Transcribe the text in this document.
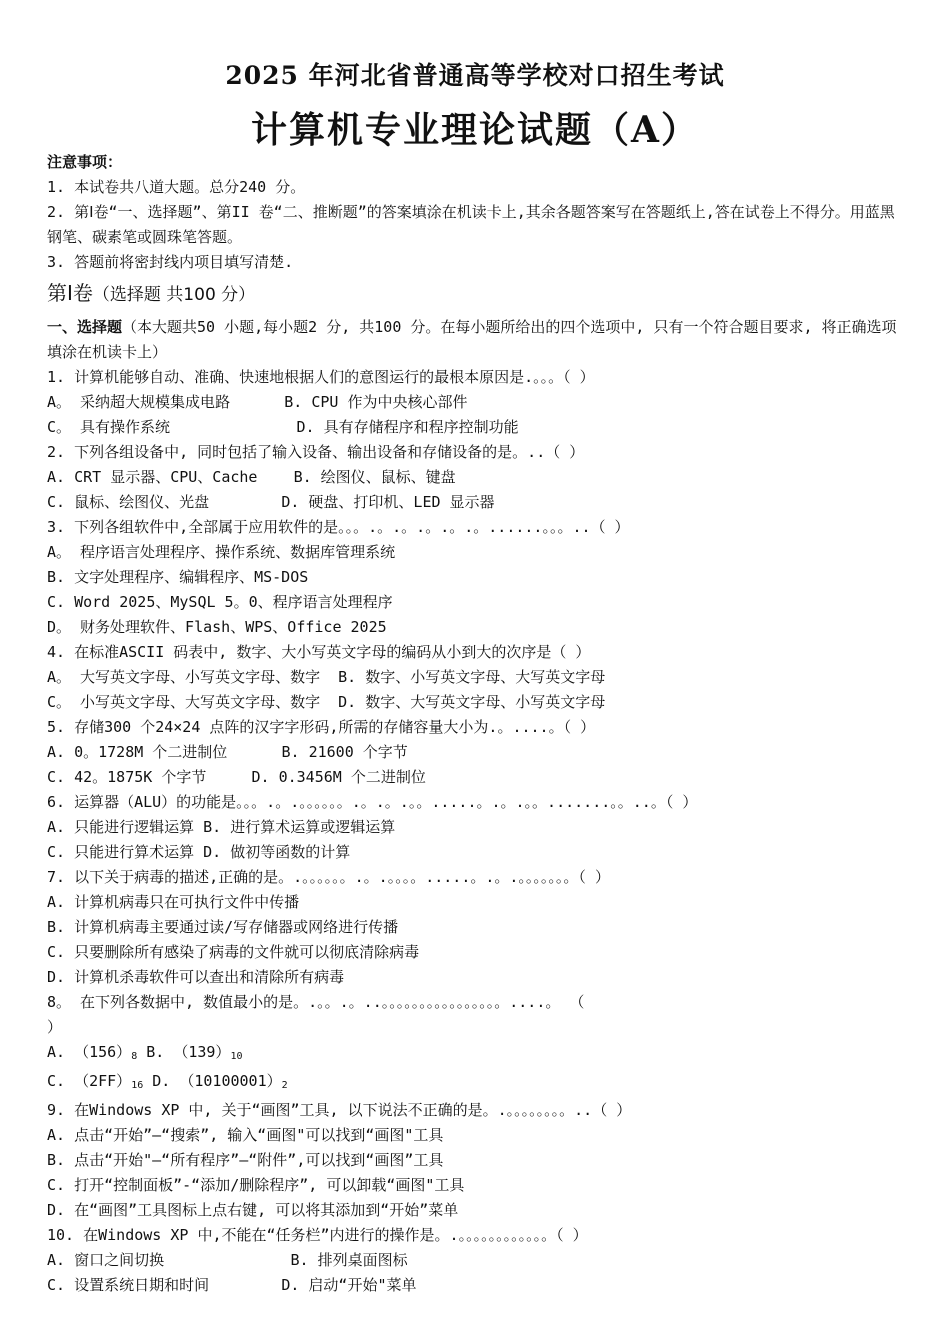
2025 年河北省普通高等学校对口招生考试
计算机专业理论试题（A）
注意事项：
1. 本试卷共八道大题。总分240 分。
2. 第Ⅰ卷“一、选择题”、第II 卷“二、推断题”的答案填涂在机读卡上,其余各题答案写在答题纸上,答在试卷上不得分。用蓝黑钢笔、碳素笔或圆珠笔答题。
3. 答题前将密封线内项目填写清楚.
第Ⅰ卷（选择题 共100 分）
一、选择题（本大题共50 小题,每小题2 分, 共100 分。在每小题所给出的四个选项中, 只有一个符合题目要求, 将正确选项填涂在机读卡上）
1. 计算机能够自动、准确、快速地根据人们的意图运行的最根本原因是.。。。（ ）
A。 采纳超大规模集成电路      B. CPU 作为中央核心部件
C。 具有操作系统              D. 具有存储程序和程序控制功能
2. 下列各组设备中, 同时包括了输入设备、输出设备和存储设备的是。..（ ）
A. CRT 显示器、CPU、Cache    B. 绘图仪、鼠标、键盘
C. 鼠标、绘图仪、光盘        D. 硬盘、打印机、LED 显示器
3. 下列各组软件中,全部属于应用软件的是。。。.。.。.。.。.。......。。。..（ ）
A。 程序语言处理程序、操作系统、数据库管理系统
B. 文字处理程序、编辑程序、MS-DOS
C. Word 2025、MySQL 5。0、程序语言处理程序
D。 财务处理软件、Flash、WPS、Office 2025
4. 在标准ASCII 码表中, 数字、大小写英文字母的编码从小到大的次序是（ ）
A。 大写英文字母、小写英文字母、数字  B. 数字、小写英文字母、大写英文字母
C。 小写英文字母、大写英文字母、数字  D. 数字、大写英文字母、小写英文字母
5. 存储300 个24×24 点阵的汉字字形码,所需的存储容量大小为.。....。（ ）
A. 0。1728M 个二进制位      B. 21600 个字节
C. 42。1875K 个字节     D. 0.3456M 个二进制位
6. 运算器（ALU）的功能是。。。.。.。。。。。。.。.。.。。.....。.。.。。.......。。..。（ ）
A. 只能进行逻辑运算 B. 进行算术运算或逻辑运算
C. 只能进行算术运算 D. 做初等函数的计算
7. 以下关于病毒的描述,正确的是。.。。。。。。.。.。。。。.....。.。.。。。。。。。（ ）
A. 计算机病毒只在可执行文件中传播
B. 计算机病毒主要通过读/写存储器或网络进行传播
C. 只要删除所有感染了病毒的文件就可以彻底清除病毒
D. 计算机杀毒软件可以查出和清除所有病毒
8。 在下列各数据中, 数值最小的是。.。。.。..。。。。。。。。。。。。。。。。....。 （
）
A. $(156)_8$ B. $(139)_{10}$
C. $(2FF)_{16}$ D. $(10100001)_2$
9. 在Windows XP 中, 关于“画图”工具, 以下说法不正确的是。.。。。。。。。。..（ ）
A. 点击“开始”—“搜索”, 输入“画图"可以找到“画图"工具
B. 点击“开始"—“所有程序”—“附件”,可以找到“画图”工具
C. 打开“控制面板”-“添加/删除程序”, 可以卸载“画图"工具
D. 在“画图”工具图标上点右键, 可以将其添加到“开始”菜单
10. 在Windows XP 中,不能在“任务栏”内进行的操作是。.。。。。。。。。。。。。（ ）
A. 窗口之间切换              B. 排列桌面图标
C. 设置系统日期和时间        D. 启动“开始"菜单
